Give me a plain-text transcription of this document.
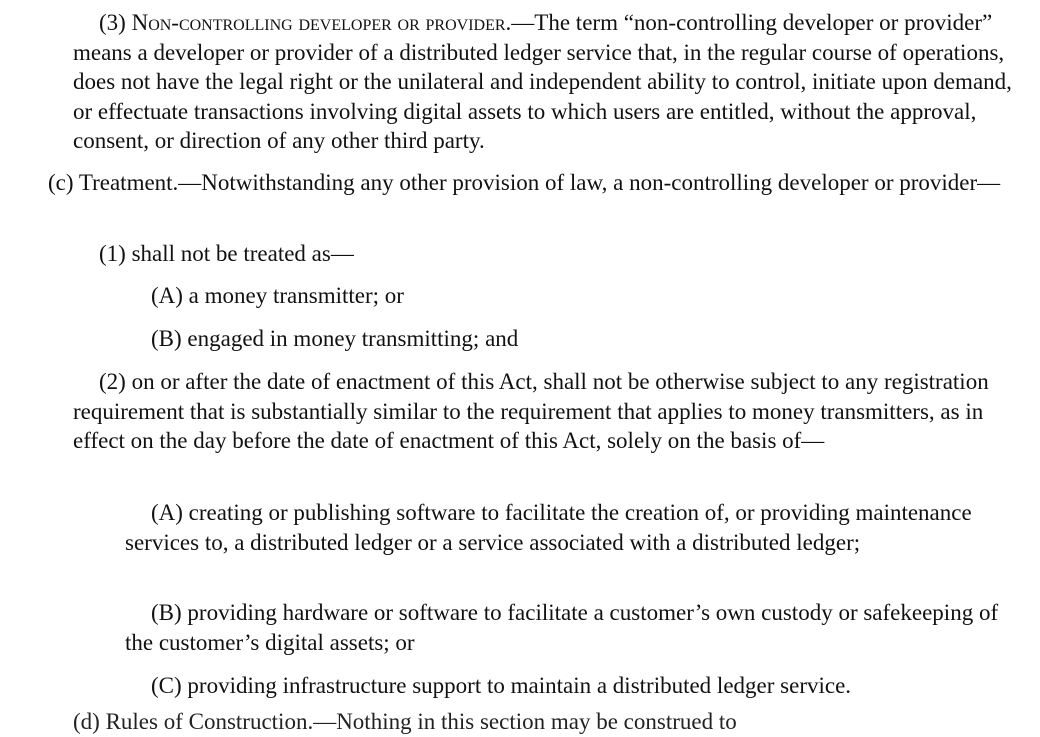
(3) Non-controlling developer or provider.—The term “non-controlling developer or provider” means a developer or provider of a distributed ledger service that, in the regular course of operations, does not have the legal right or the unilateral and independent ability to control, initiate upon demand, or effectuate transactions involving digital assets to which users are entitled, without the approval, consent, or direction of any other third party.

(c) Treatment.—Notwithstanding any other provision of law, a non-controlling developer or provider—

(1) shall not be treated as—

(A) a money transmitter; or

(B) engaged in money transmitting; and

(2) on or after the date of enactment of this Act, shall not be otherwise subject to any registration requirement that is substantially similar to the requirement that applies to money transmitters, as in effect on the day before the date of enactment of this Act, solely on the basis of—

(A) creating or publishing software to facilitate the creation of, or providing maintenance services to, a distributed ledger or a service associated with a distributed ledger;

(B) providing hardware or software to facilitate a customer’s own custody or safekeeping of the customer’s digital assets; or

(C) providing infrastructure support to maintain a distributed ledger service.

(d) Rules of Construction.—Nothing in this section may be construed to
